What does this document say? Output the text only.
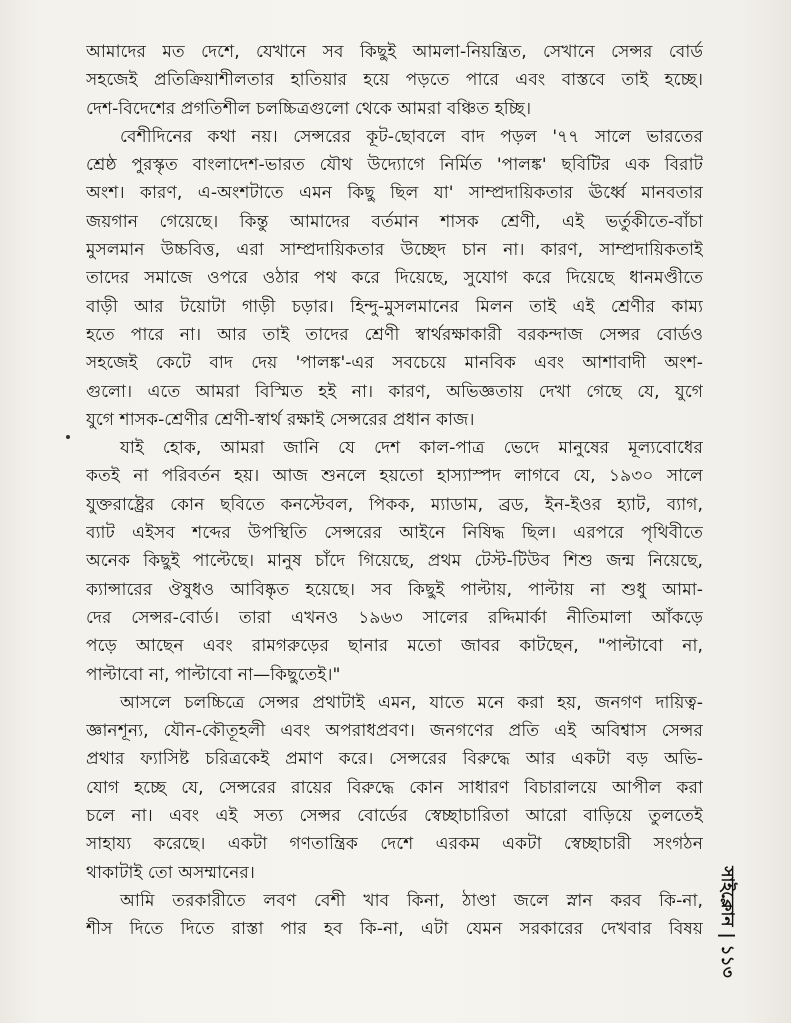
আমাদের মত দেশে, যেখানে সব কিছুই আমলা-নিয়ন্ত্রিত, সেখানে সেন্সর বোর্ড
সহজেই প্রতিক্রিয়াশীলতার হাতিয়ার হয়ে পড়তে পারে এবং বাস্তবে তাই হচ্ছে।
দেশ-বিদেশের প্রগতিশীল চলচ্চিত্রগুলো থেকে আমরা বঞ্চিত হচ্ছি।
বেশীদিনের কথা নয়। সেন্সরের কূট-ছোবলে বাদ পড়ল '৭৭ সালে ভারতের
শ্রেষ্ঠ পুরস্কৃত বাংলাদেশ-ভারত যৌথ উদ্যোগে নির্মিত 'পালঙ্ক' ছবিটির এক বিরাট
অংশ। কারণ, এ-অংশটাতে এমন কিছু ছিল যা' সাম্প্রদায়িকতার ঊর্ধ্বে মানবতার
জয়গান গেয়েছে। কিন্তু আমাদের বর্তমান শাসক শ্রেণী, এই ভর্তুকীতে-বাঁচা
মুসলমান উচ্চবিত্ত, এরা সাম্প্রদায়িকতার উচ্ছেদ চান না। কারণ, সাম্প্রদায়িকতাই
তাদের সমাজে ওপরে ওঠার পথ করে দিয়েছে, সুযোগ করে দিয়েছে ধানমণ্ডীতে
বাড়ী আর টয়োটা গাড়ী চড়ার। হিন্দু-মুসলমানের মিলন তাই এই শ্রেণীর কাম্য
হতে পারে না। আর তাই তাদের শ্রেণী স্বার্থরক্ষাকারী বরকন্দাজ সেন্সর বোর্ডও
সহজেই কেটে বাদ দেয় 'পালঙ্ক'-এর সবচেয়ে মানবিক এবং আশাবাদী অংশ-
গুলো। এতে আমরা বিস্মিত হই না। কারণ, অভিজ্ঞতায় দেখা গেছে যে, যুগে
যুগে শাসক-শ্রেণীর শ্রেণী-স্বার্থ রক্ষাই সেন্সরের প্রধান কাজ।
যাই হোক, আমরা জানি যে দেশ কাল-পাত্র ভেদে মানুষের মূল্যবোধের
কতই না পরিবর্তন হয়। আজ শুনলে হয়তো হাস্যাস্পদ লাগবে যে, ১৯৩০ সালে
যুক্তরাষ্ট্রের কোন ছবিতে কনস্টেবল, পিকক, ম্যাডাম, ব্রড, ইন-ইওর হ্যাট, ব্যাগ,
ব্যাট এইসব শব্দের উপস্থিতি সেন্সরের আইনে নিষিদ্ধ ছিল। এরপরে পৃথিবীতে
অনেক কিছুই পাল্টেছে। মানুষ চাঁদে গিয়েছে, প্রথম টেস্ট-টিউব শিশু জন্ম নিয়েছে,
ক্যান্সারের ঔষুধও আবিষ্কৃত হয়েছে। সব কিছুই পাল্টায়, পাল্টায় না শুধু আমা-
দের সেন্সর-বোর্ড। তারা এখনও ১৯৬৩ সালের রদ্দিমার্কা নীতিমালা আঁকড়ে
পড়ে আছেন এবং রামগরুড়ের ছানার মতো জাবর কাটছেন, "পাল্টাবো না,
পাল্টাবো না, পাল্টাবো না—কিছুতেই।"
আসলে চলচ্চিত্রে সেন্সর প্রথাটাই এমন, যাতে মনে করা হয়, জনগণ দায়িত্ব-
জ্ঞানশূন্য, যৌন-কৌতূহলী এবং অপরাধপ্রবণ। জনগণের প্রতি এই অবিশ্বাস সেন্সর
প্রথার ফ্যাসিষ্ট চরিত্রকেই প্রমাণ করে। সেন্সরের বিরুদ্ধে আর একটা বড় অভি-
যোগ হচ্ছে যে, সেন্সরের রায়ের বিরুদ্ধে কোন সাধারণ বিচারালয়ে আপীল করা
চলে না। এবং এই সত্য সেন্সর বোর্ডের স্বেচ্ছাচারিতা আরো বাড়িয়ে তুলতেই
সাহায্য করেছে। একটা গণতান্ত্রিক দেশে এরকম একটা স্বেচ্ছাচারী সংগঠন
থাকাটাই তো অসম্মানের।
আমি তরকারীতে লবণ বেশী খাব কিনা, ঠাণ্ডা জলে স্নান করব কি-না,
শীস দিতে দিতে রাস্তা পার হব কি-না, এটা যেমন সরকারের দেখবার বিষয় সাইক্লোন | ১১৩
